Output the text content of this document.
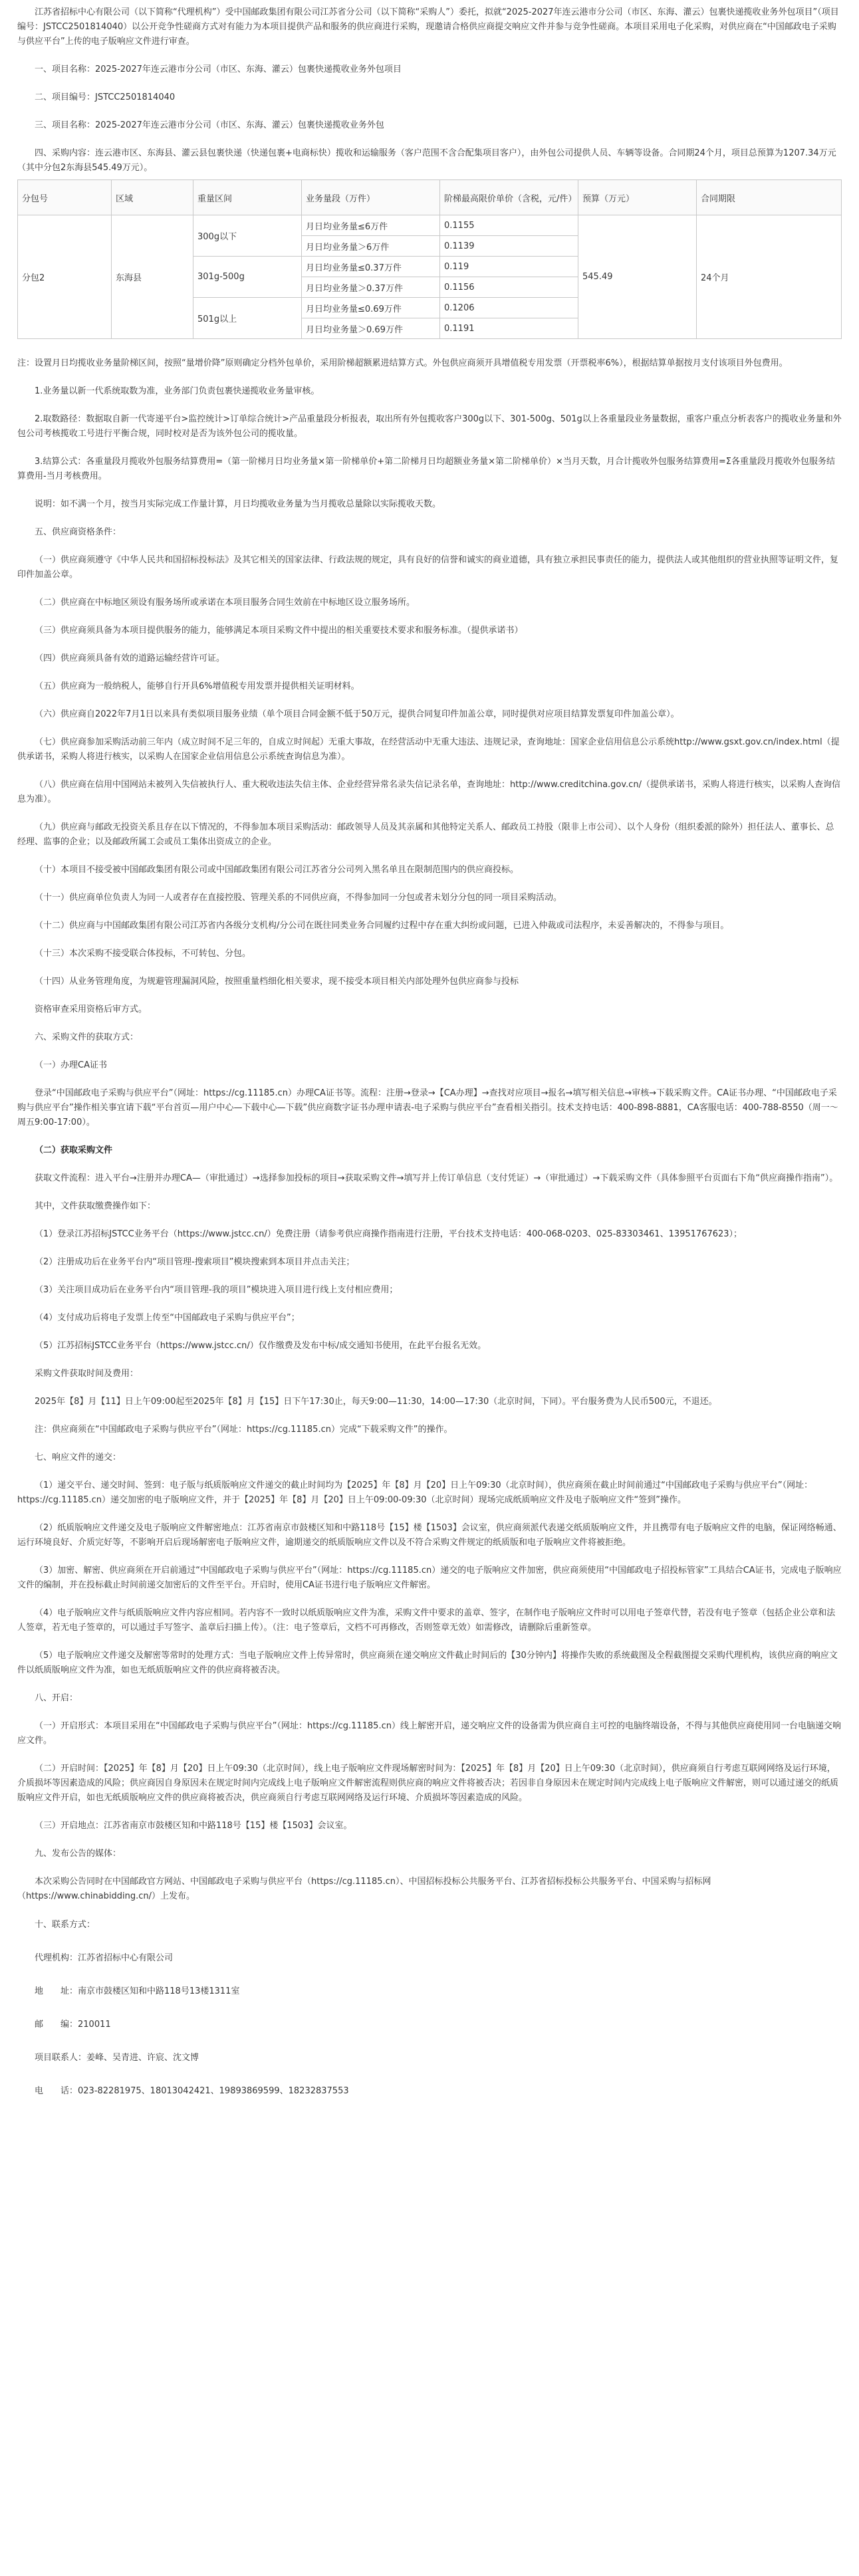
江苏省招标中心有限公司（以下简称“代理机构”）受中国邮政集团有限公司江苏省分公司（以下简称“采购人”）委托，拟就“2025-2027年连云港市分公司（市区、东海、灌云）包裹快递揽收业务外包项目”（项目编号：JSTCC2501814040）以公开竞争性磋商方式对有能力为本项目提供产品和服务的供应商进行采购，现邀请合格供应商提交响应文件并参与竞争性磋商。本项目采用电子化采购，对供应商在“中国邮政电子采购与供应平台”上传的电子版响应文件进行审查。

一、项目名称：2025-2027年连云港市分公司（市区、东海、灌云）包裹快递揽收业务外包项目

二、项目编号：JSTCC2501814040

三、项目名称：2025-2027年连云港市分公司（市区、东海、灌云）包裹快递揽收业务外包

四、采购内容：连云港市区、东海县、灌云县包裹快递（快递包裹+电商标快）揽收和运输服务（客户范围不含合配集项目客户），由外包公司提供人员、车辆等设备。合同期24个月，项目总预算为1207.34万元（其中分包2东海县545.49万元）。

分包号	区域	重量区间	业务量段（万件）	阶梯最高限价单价（含税，元/件）	预算（万元）	合同期限
分包2	东海县	300g以下	月日均业务量≤6万件	0.1155	545.49	24个月
			月日均业务量＞6万件	0.1139		
		301g-500g	月日均业务量≤0.37万件	0.119		
			月日均业务量＞0.37万件	0.1156		
		501g以上	月日均业务量≤0.69万件	0.1206		
			月日均业务量＞0.69万件	0.1191		

注：设置月日均揽收业务量阶梯区间，按照“量增价降”原则确定分档外包单价，采用阶梯超额累进结算方式。外包供应商须开具增值税专用发票（开票税率6%），根据结算单据按月支付该项目外包费用。

1.业务量以新一代系统取数为准，业务部门负责包裹快递揽收业务量审核。

2.取数路径：数据取自新一代寄递平台>监控统计>订单综合统计>产品重量段分析报表，取出所有外包揽收客户300g以下、301-500g、501g以上各重量段业务量数据，重客户重点分析表客户的揽收业务量和外包公司考核揽收工号进行平衡合规，同时校对是否为该外包公司的揽收量。

3.结算公式：各重量段月揽收外包服务结算费用=（第一阶梯月日均业务量×第一阶梯单价+第二阶梯月日均超额业务量×第二阶梯单价）×当月天数，月合计揽收外包服务结算费用=Σ各重量段月揽收外包服务结算费用-当月考核费用。

说明：如不满一个月，按当月实际完成工作量计算，月日均揽收业务量为当月揽收总量除以实际揽收天数。

五、供应商资格条件：

（一）供应商须遵守《中华人民共和国招标投标法》及其它相关的国家法律、行政法规的规定，具有良好的信誉和诚实的商业道德，具有独立承担民事责任的能力，提供法人或其他组织的营业执照等证明文件，复印件加盖公章。

（二）供应商在中标地区须设有服务场所或承诺在本项目服务合同生效前在中标地区设立服务场所。

（三）供应商须具备为本项目提供服务的能力，能够满足本项目采购文件中提出的相关重要技术要求和服务标准。（提供承诺书）

（四）供应商须具备有效的道路运输经营许可证。

（五）供应商为一般纳税人，能够自行开具6%增值税专用发票并提供相关证明材料。

（六）供应商自2022年7月1日以来具有类似项目服务业绩（单个项目合同金额不低于50万元，提供合同复印件加盖公章，同时提供对应项目结算发票复印件加盖公章）。

（七）供应商参加采购活动前三年内（成立时间不足三年的，自成立时间起）无重大事故，在经营活动中无重大违法、违规记录，查询地址：国家企业信用信息公示系统http://www.gsxt.gov.cn/index.html（提供承诺书，采购人将进行核实，以采购人在国家企业信用信息公示系统查询信息为准）。

（八）供应商在信用中国网站未被列入失信被执行人、重大税收违法失信主体、企业经营异常名录失信记录名单，查询地址：http://www.creditchina.gov.cn/（提供承诺书，采购人将进行核实，以采购人查询信息为准）。

（九）供应商与邮政无投资关系且存在以下情况的，不得参加本项目采购活动：邮政领导人员及其亲属和其他特定关系人、邮政员工持股（限非上市公司）、以个人身份（组织委派的除外）担任法人、董事长、总经理、监事的企业；以及邮政所属工会或员工集体出资成立的企业。

（十）本项目不接受被中国邮政集团有限公司或中国邮政集团有限公司江苏省分公司列入黑名单且在限制范围内的供应商投标。

（十一）供应商单位负责人为同一人或者存在直接控股、管理关系的不同供应商，不得参加同一分包或者未划分分包的同一项目采购活动。

（十二）供应商与中国邮政集团有限公司江苏省内各级分支机构/分公司在既往同类业务合同履约过程中存在重大纠纷或问题，已进入仲裁或司法程序，未妥善解决的，不得参与项目。

（十三）本次采购不接受联合体投标，不可转包、分包。

（十四）从业务管理角度，为规避管理漏洞风险，按照重量档细化相关要求，现不接受本项目相关内部处理外包供应商参与投标

资格审查采用资格后审方式。

六、采购文件的获取方式：

（一）办理CA证书

登录“中国邮政电子采购与供应平台”（网址：https://cg.11185.cn）办理CA证书等。流程：注册→登录→【CA办理】→查找对应项目→报名→填写相关信息→审核→下载采购文件。CA证书办理、“中国邮政电子采购与供应平台”操作相关事宜请下载“平台首页—用户中心—下载中心—下载”供应商数字证书办理申请表-电子采购与供应平台”查看相关指引。技术支持电话：400-898-8881，CA客服电话：400-788-8550（周一～周五9:00-17:00）。

（二）获取采购文件

获取文件流程：进入平台→注册并办理CA—（审批通过）→选择参加投标的项目→获取采购文件→填写并上传订单信息（支付凭证）→（审批通过）→下载采购文件（具体参照平台页面右下角“供应商操作指南”）。

其中，文件获取缴费操作如下：

（1）登录江苏招标JSTCC业务平台（https://www.jstcc.cn/）免费注册（请参考供应商操作指南进行注册，平台技术支持电话：400-068-0203、025-83303461、13951767623）；

（2）注册成功后在业务平台内“项目管理-搜索项目”模块搜索到本项目并点击关注；

（3）关注项目成功后在业务平台内“项目管理-我的项目”模块进入项目进行线上支付相应费用；

（4）支付成功后将电子发票上传至“中国邮政电子采购与供应平台”；

（5）江苏招标JSTCC业务平台（https://www.jstcc.cn/）仅作缴费及发布中标/成交通知书使用，在此平台报名无效。

采购文件获取时间及费用：

2025年【8】月【11】日上午09:00起至2025年【8】月【15】日下午17:30止，每天9:00—11:30，14:00—17:30（北京时间，下同）。平台服务费为人民币500元，不退还。

注：供应商须在“中国邮政电子采购与供应平台”（网址：https://cg.11185.cn）完成“下载采购文件”的操作。

七、响应文件的递交：

（1）递交平台、递交时间、签到：电子版与纸质版响应文件递交的截止时间均为【2025】年【8】月【20】日上午09:30（北京时间），供应商须在截止时间前通过“中国邮政电子采购与供应平台”（网址：https://cg.11185.cn）递交加密的电子版响应文件，并于【2025】年【8】月【20】日上午09:00-09:30（北京时间）现场完成纸质响应文件及电子版响应文件“签到”操作。

（2）纸质版响应文件递交及电子版响应文件解密地点：江苏省南京市鼓楼区知和中路118号【15】楼【1503】会议室，供应商须派代表递交纸质版响应文件，并且携带有电子版响应文件的电脑，保证网络畅通、运行环境良好、介质完好等，不影响开启后现场解密电子版响应文件，逾期递交的纸质版响应文件以及不符合采购文件规定的纸质版和电子版响应文件将被拒绝。

（3）加密、解密、供应商须在开启前通过“中国邮政电子采购与供应平台”（网址：https://cg.11185.cn）递交的电子版响应文件加密，供应商须使用“中国邮政电子招投标管家”工具结合CA证书，完成电子版响应文件的编制，并在投标截止时间前递交加密后的文件至平台。开启时，使用CA证书进行电子版响应文件解密。

（4）电子版响应文件与纸质版响应文件内容应相同。若内容不一致时以纸质版响应文件为准，采购文件中要求的盖章、签字，在制作电子版响应文件时可以用电子签章代替，若没有电子签章（包括企业公章和法人签章，若无电子签章的，可以通过手写签字、盖章后扫描上传）。（注：电子签章后，文档不可再修改，否则签章无效）如需修改，请删除后重新签章。

（5）电子版响应文件递交及解密等常时的处理方式：当电子版响应文件上传异常时，供应商须在递交响应文件截止时间后的【30分钟内】将操作失败的系统截图及全程截图提交采购代理机构，该供应商的响应文件以纸质版响应文件为准，如也无纸质版响应文件的供应商将被否决。

八、开启：

（一）开启形式：本项目采用在“中国邮政电子采购与供应平台”（网址：https://cg.11185.cn）线上解密开启，递交响应文件的设备需为供应商自主可控的电脑终端设备，不得与其他供应商使用同一台电脑递交响应文件。

（二）开启时间：【2025】年【8】月【20】日上午09:30（北京时间），线上电子版响应文件现场解密时间为：【2025】年【8】月【20】日上午09:30（北京时间），供应商须自行考虑互联网网络及运行环境，介质损坏等因素造成的风险；供应商因自身原因未在规定时间内完成线上电子版响应文件解密流程则供应商的响应文件将被否决；若因非自身原因未在规定时间内完成线上电子版响应文件解密，则可以通过递交的纸质版响应文件开启，如也无纸质版响应文件的供应商将被否决，供应商须自行考虑互联网网络及运行环境、介质损坏等因素造成的风险。

（三）开启地点：江苏省南京市鼓楼区知和中路118号【15】楼【1503】会议室。

九、发布公告的媒体：

本次采购公告同时在中国邮政官方网站、中国邮政电子采购与供应平台（https://cg.11185.cn）、中国招标投标公共服务平台、江苏省招标投标公共服务平台、中国采购与招标网（https://www.chinabidding.cn/）上发布。

十、联系方式：

代理机构：江苏省招标中心有限公司

地　　址：南京市鼓楼区知和中路118号13楼1311室

邮　　编：210011

项目联系人：姜峰、吴青进、许宸、沈文博

电　　话：023-82281975、18013042421、19893869599、18232837553
